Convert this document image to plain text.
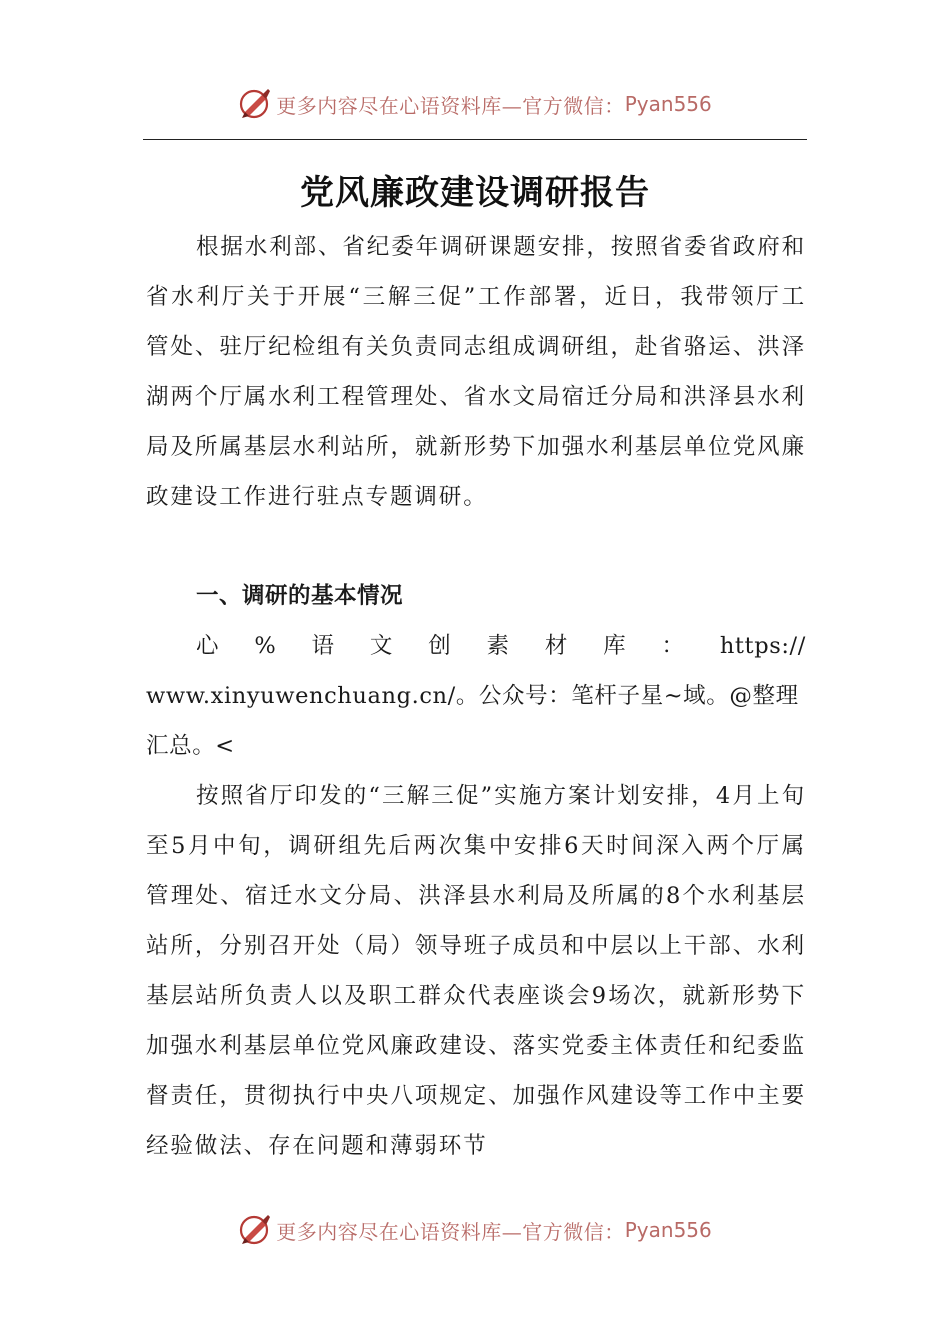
更多内容尽在心语资料库—官方微信： Pyan556
党风廉政建设调研报告

根据水利部、省纪委年调研课题安排，按照省委省政府和省水利厅关于开展“三解三促”工作部署，近日，我带领厅工管处、驻厅纪检组有关负责同志组成调研组，赴省骆运、洪泽湖两个厅属水利工程管理处、省水文局宿迁分局和洪泽县水利局及所属基层水利站所，就新形势下加强水利基层单位党风廉政建设工作进行驻点专题调研。

一、调研的基本情况

心 % 语 文 创 素 材 库 ： https://
www.xinyuwenchuang.cn/。公众号：笔杆子星~域。@整理
汇总。<

按照省厅印发的“三解三促”实施方案计划安排，4月上旬至5月中旬，调研组先后两次集中安排6天时间深入两个厅属管理处、宿迁水文分局、洪泽县水利局及所属的8个水利基层站所，分别召开处（局）领导班子成员和中层以上干部、水利基层站所负责人以及职工群众代表座谈会9场次，就新形势下加强水利基层单位党风廉政建设、落实党委主体责任和纪委监督责任，贯彻执行中央八项规定、加强作风建设等工作中主要经验做法、存在问题和薄弱环节

更多内容尽在心语资料库—官方微信： Pyan556
